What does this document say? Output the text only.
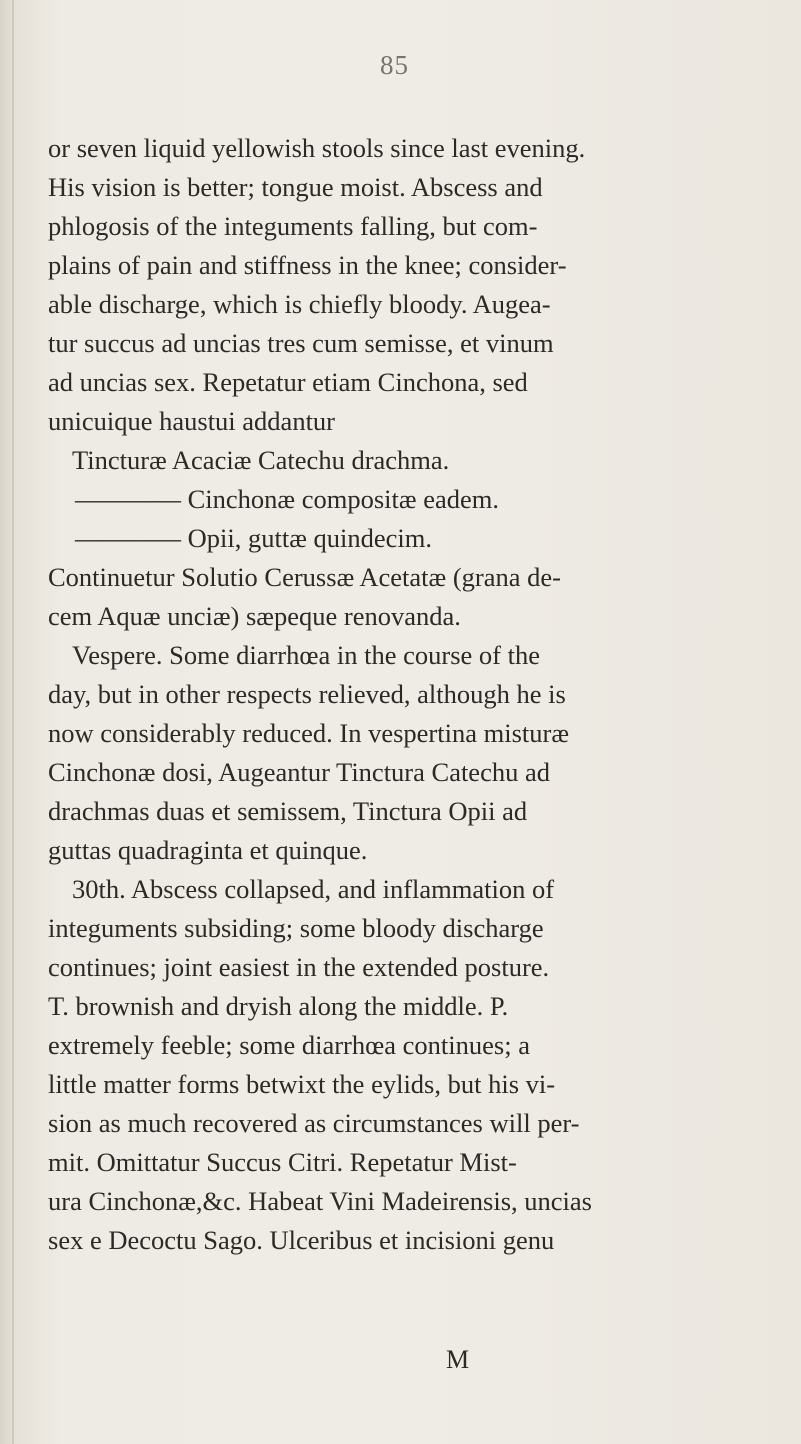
85
or seven liquid yellowish stools since last evening.
His vision is better; tongue moist. Abscess and
phlogosis of the integuments falling, but com-
plains of pain and stiffness in the knee; consider-
able discharge, which is chiefly bloody. Augea-
tur succus ad uncias tres cum semisse, et vinum
ad uncias sex. Repetatur etiam Cinchona, sed
unicuique haustui addantur
Tincturæ Acaciæ Catechu drachma.
———— Cinchonæ compositæ eadem.
———— Opii, guttæ quindecim.
Continuetur Solutio Cerussæ Acetatæ (grana de-
cem Aquæ unciæ) sæpeque renovanda.
Vespere. Some diarrhœa in the course of the
day, but in other respects relieved, although he is
now considerably reduced. In vespertina misturæ
Cinchonæ dosi, Augeantur Tinctura Catechu ad
drachmas duas et semissem, Tinctura Opii ad
guttas quadraginta et quinque.
30th. Abscess collapsed, and inflammation of
integuments subsiding; some bloody discharge
continues; joint easiest in the extended posture.
T. brownish and dryish along the middle. P.
extremely feeble; some diarrhœa continues; a
little matter forms betwixt the eylids, but his vi-
sion as much recovered as circumstances will per-
mit. Omittatur Succus Citri. Repetatur Mist-
ura Cinchonæ,&c. Habeat Vini Madeirensis, uncias
sex e Decoctu Sago. Ulceribus et incisioni genu
M
